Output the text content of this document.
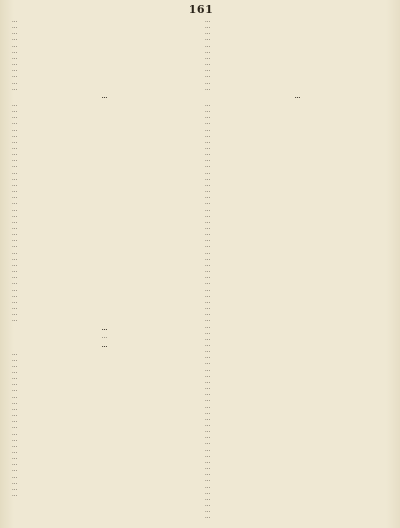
161

…

…

…

…

…

…

…

…

…

…

…

…

…

…

…

…

…

…

…

…

…

…

…

…

…

…

…

…

…

…

…

…

…

…

…

…

…

…

…

…

…

…

…

…

…

…

…

…

…

…

…

…

…

…

…

…

…

…

…

…

…

…

…

…

…

…

…

…

…

…

…

…

…

…

…

…

…

…

…

…

…

…

…

…

…

…

…

…

…

…

…

…

…

…

…

…

…

…

…

…

…

…

…

…

…

…

…

…

…

…

…

…

…

…

…

…

…

…

…

…

…

…

…

…

…

…

…

…

…

…

…

…

…

…

…

…

…

…

…

…

…

…

…

…

…

…

…

…

…

…

…

…

…

…

…

…

…
